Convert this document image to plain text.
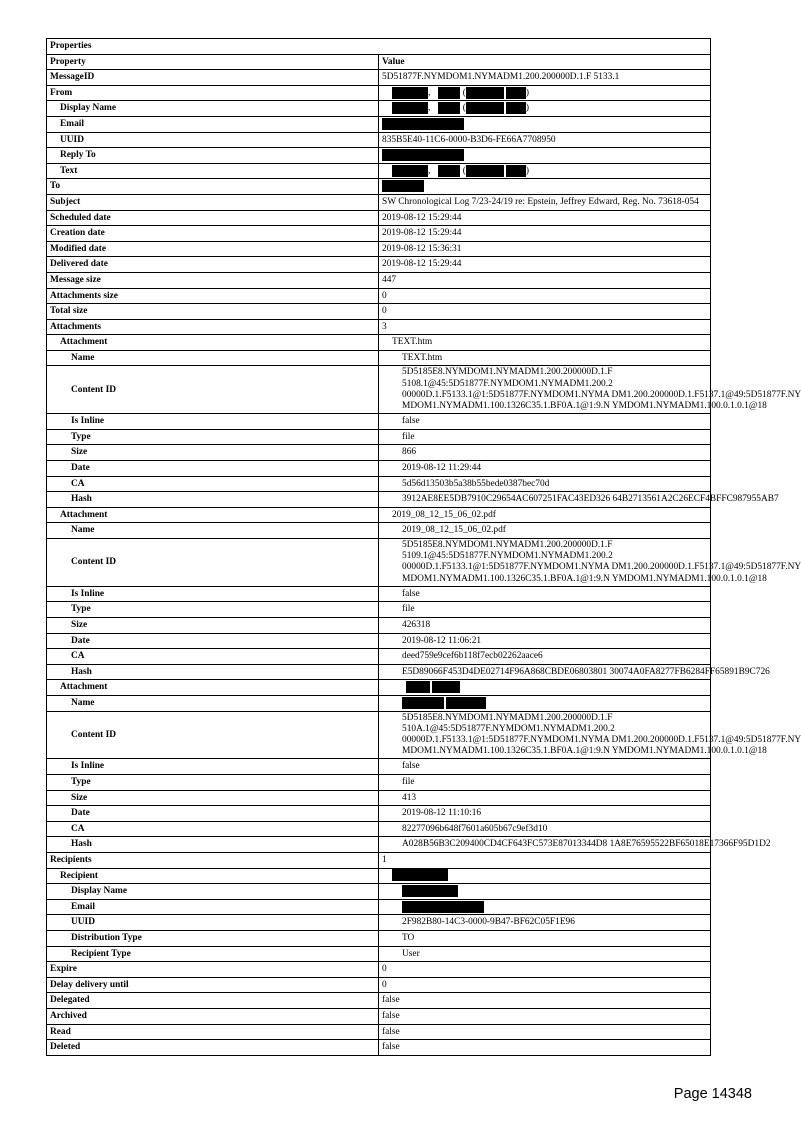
Properties	
Property	Value
MessageID	5D51877F.NYMDOM1.NYMADM1.200.200000D.1.F 5133.1
From	, ( )
Display Name	, ( )
Email	
UUID	835B5E40-11C6-0000-B3D6-FE66A7708950
Reply To	
Text	, ( )
To	
Subject	SW Chronological Log 7/23-24/19 re: Epstein, Jeffrey Edward, Reg. No. 73618-054
Scheduled date	2019-08-12 15:29:44
Creation date	2019-08-12 15:29:44
Modified date	2019-08-12 15:36:31
Delivered date	2019-08-12 15:29:44
Message size	447
Attachments size	0
Total size	0
Attachments	3
Attachment	TEXT.htm
Name	TEXT.htm
Content ID	5D5185E8.NYMDOM1.NYMADM1.200.200000D.1.F
5108.1@45:5D51877F.NYMDOM1.NYMADM1.200.2
00000D.1.F5133.1@1:5D51877F.NYMDOM1.NYMA DM1.200.200000D.1.F5137.1@49:5D51877F.NY
MDOM1.NYMADM1.100.1326C35.1.BF0A.1@1:9.N YMDOM1.NYMADM1.100.0.1.0.1@18

Is Inline	false
Type	file
Size	866
Date	2019-08-12 11:29:44
CA	5d56d13503b5a38b55bede0387bec70d
Hash	3912AE8EE5DB7910C29654AC607251FAC43ED326 64B2713561A2C26ECF4BFFC987955AB7
Attachment	2019_08_12_15_06_02.pdf
Name	2019_08_12_15_06_02.pdf
Content ID	5D5185E8.NYMDOM1.NYMADM1.200.200000D.1.F
5109.1@45:5D51877F.NYMDOM1.NYMADM1.200.2
00000D.1.F5133.1@1:5D51877F.NYMDOM1.NYMA DM1.200.200000D.1.F5137.1@49:5D51877F.NY
MDOM1.NYMADM1.100.1326C35.1.BF0A.1@1:9.N YMDOM1.NYMADM1.100.0.1.0.1@18

Is Inline	false
Type	file
Size	426318
Date	2019-08-12 11:06:21
CA	deed759e9cef6b118f7ecb02262aace6
Hash	E5D89066F453D4DE02714F96A868CBDE06803801 30074A0FA8277FB6284FF65891B9C726
Attachment	
Name	
Content ID	5D5185E8.NYMDOM1.NYMADM1.200.200000D.1.F
510A.1@45:5D51877F.NYMDOM1.NYMADM1.200.2
00000D.1.F5133.1@1:5D51877F.NYMDOM1.NYMA DM1.200.200000D.1.F5137.1@49:5D51877F.NY
MDOM1.NYMADM1.100.1326C35.1.BF0A.1@1:9.N YMDOM1.NYMADM1.100.0.1.0.1@18

Is Inline	false
Type	file
Size	413
Date	2019-08-12 11:10:16
CA	82277096b648f7601a605b67c9ef3d10
Hash	A028B56B3C209400CD4CF643FC573E87013344D8 1A8E76595522BF65018E17366F95D1D2
Recipients	1
Recipient	
Display Name	
Email	
UUID	2F982B80-14C3-0000-9B47-BF62C05F1E96
Distribution Type	TO
Recipient Type	User
Expire	0
Delay delivery until	0
Delegated	false
Archived	false
Read	false
Deleted	false
Page 14348
